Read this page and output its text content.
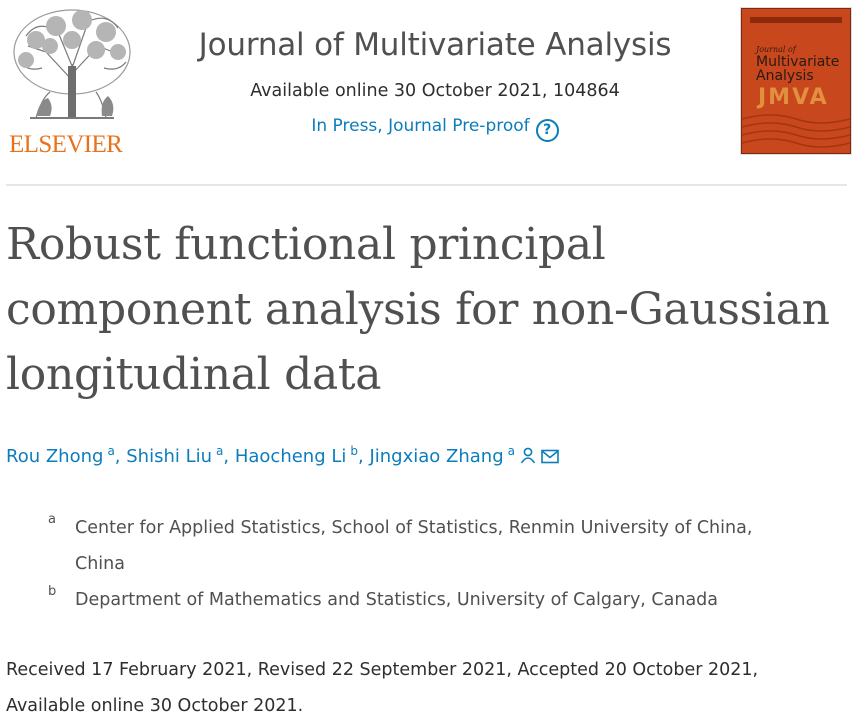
ELSEVIER
Journal of Multivariate Analysis
Available online 30 October 2021, 104864
In Press, Journal Pre-proof ?
Journal of
Multivariate Analysis
JMVA
Robust functional principal
component analysis for non-Gaussian
longitudinal data
Rou Zhong $^a$, Shishi Liu $^a$, Haocheng Li $^b$, Jingxiao Zhang $^a$
a Center for Applied Statistics, School of Statistics, Renmin University of China,
China
b Department of Mathematics and Statistics, University of Calgary, Canada
Received 17 February 2021, Revised 22 September 2021, Accepted 20 October 2021,
Available online 30 October 2021.
